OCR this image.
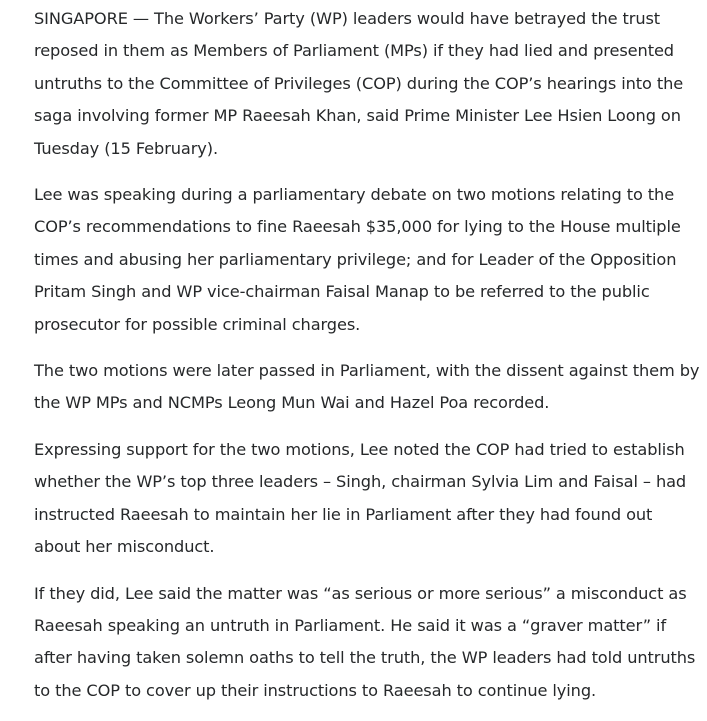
SINGAPORE — The Workers’ Party (WP) leaders would have betrayed the trust reposed in them as Members of Parliament (MPs) if they had lied and presented untruths to the Committee of Privileges (COP) during the COP’s hearings into the saga involving former MP Raeesah Khan, said Prime Minister Lee Hsien Loong on Tuesday (15 February).

Lee was speaking during a parliamentary debate on two motions relating to the COP’s recommendations to fine Raeesah $35,000 for lying to the House multiple times and abusing her parliamentary privilege; and for Leader of the Opposition Pritam Singh and WP vice-chairman Faisal Manap to be referred to the public prosecutor for possible criminal charges.

The two motions were later passed in Parliament, with the dissent against them by the WP MPs and NCMPs Leong Mun Wai and Hazel Poa recorded.

Expressing support for the two motions, Lee noted the COP had tried to establish whether the WP’s top three leaders – Singh, chairman Sylvia Lim and Faisal – had instructed Raeesah to maintain her lie in Parliament after they had found out about her misconduct.

If they did, Lee said the matter was “as serious or more serious” a misconduct as Raeesah speaking an untruth in Parliament. He said it was a “graver matter” if after having taken solemn oaths to tell the truth, the WP leaders had told untruths to the COP to cover up their instructions to Raeesah to continue lying.
